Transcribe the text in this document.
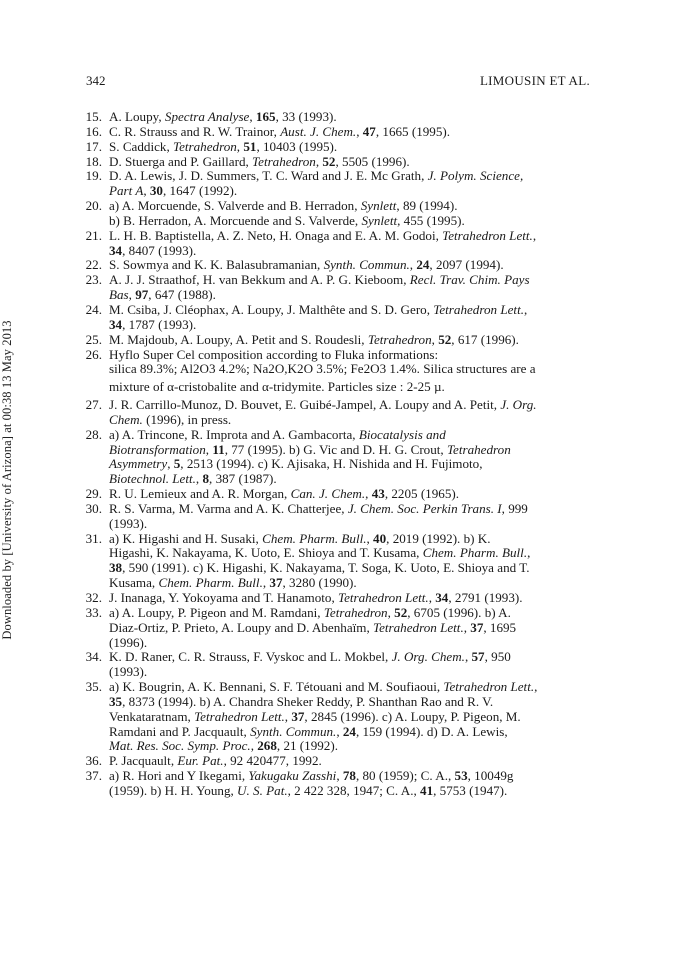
Downloaded by [University of Arizona] at 00:38 13 May 2013
342	LIMOUSIN ET AL.
15. A. Loupy, Spectra Analyse, 165, 33 (1993).
16. C. R. Strauss and R. W. Trainor, Aust. J. Chem., 47, 1665 (1995).
17. S. Caddick, Tetrahedron, 51, 10403 (1995).
18. D. Stuerga and P. Gaillard, Tetrahedron, 52, 5505 (1996).
19. D. A. Lewis, J. D. Summers, T. C. Ward and J. E. Mc Grath, J. Polym. Science,
Part A, 30, 1647 (1992).
20. a) A. Morcuende, S. Valverde and B. Herradon, Synlett, 89 (1994).
b) B. Herradon, A. Morcuende and S. Valverde, Synlett, 455 (1995).
21. L. H. B. Baptistella, A. Z. Neto, H. Onaga and E. A. M. Godoi, Tetrahedron Lett.,
34, 8407 (1993).
22. S. Sowmya and K. K. Balasubramanian, Synth. Commun., 24, 2097 (1994).
23. A. J. J. Straathof, H. van Bekkum and A. P. G. Kieboom, Recl. Trav. Chim. Pays
Bas, 97, 647 (1988).
24. M. Csiba, J. Cléophax, A. Loupy, J. Malthête and S. D. Gero, Tetrahedron Lett.,
34, 1787 (1993).
25. M. Majdoub, A. Loupy, A. Petit and S. Roudesli, Tetrahedron, 52, 617 (1996).
26. Hyflo Super Cel composition according to Fluka informations:
silica 89.3%; Al2O3 4.2%; Na2O,K2O 3.5%; Fe2O3 1.4%. Silica structures are a
mixture of α-cristobalite and α-tridymite. Particles size : 2-25 µ.
27. J. R. Carrillo-Munoz, D. Bouvet, E. Guibé-Jampel, A. Loupy and A. Petit, J. Org.
Chem. (1996), in press.
28. a) A. Trincone, R. Improta and A. Gambacorta, Biocatalysis and
Biotransformation, 11, 77 (1995). b) G. Vic and D. H. G. Crout, Tetrahedron
Asymmetry, 5, 2513 (1994). c) K. Ajisaka, H. Nishida and H. Fujimoto,
Biotechnol. Lett., 8, 387 (1987).
29. R. U. Lemieux and A. R. Morgan, Can. J. Chem., 43, 2205 (1965).
30. R. S. Varma, M. Varma and A. K. Chatterjee, J. Chem. Soc. Perkin Trans. I, 999
(1993).
31. a) K. Higashi and H. Susaki, Chem. Pharm. Bull., 40, 2019 (1992). b) K.
Higashi, K. Nakayama, K. Uoto, E. Shioya and T. Kusama, Chem. Pharm. Bull.,
38, 590 (1991). c) K. Higashi, K. Nakayama, T. Soga, K. Uoto, E. Shioya and T.
Kusama, Chem. Pharm. Bull., 37, 3280 (1990).
32. J. Inanaga, Y. Yokoyama and T. Hanamoto, Tetrahedron Lett., 34, 2791 (1993).
33. a) A. Loupy, P. Pigeon and M. Ramdani, Tetrahedron, 52, 6705 (1996). b) A.
Diaz-Ortiz, P. Prieto, A. Loupy and D. Abenhaïm, Tetrahedron Lett., 37, 1695
(1996).
34. K. D. Raner, C. R. Strauss, F. Vyskoc and L. Mokbel, J. Org. Chem., 57, 950
(1993).
35. a) K. Bougrin, A. K. Bennani, S. F. Tétouani and M. Soufiaoui, Tetrahedron Lett.,
35, 8373 (1994). b) A. Chandra Sheker Reddy, P. Shanthan Rao and R. V.
Venkataratnam, Tetrahedron Lett., 37, 2845 (1996). c) A. Loupy, P. Pigeon, M.
Ramdani and P. Jacquault, Synth. Commun., 24, 159 (1994). d) D. A. Lewis,
Mat. Res. Soc. Symp. Proc., 268, 21 (1992).
36. P. Jacquault, Eur. Pat., 92 420477, 1992.
37. a) R. Hori and Y Ikegami, Yakugaku Zasshi, 78, 80 (1959); C. A., 53, 10049g
(1959). b) H. H. Young, U. S. Pat., 2 422 328, 1947; C. A., 41, 5753 (1947).
